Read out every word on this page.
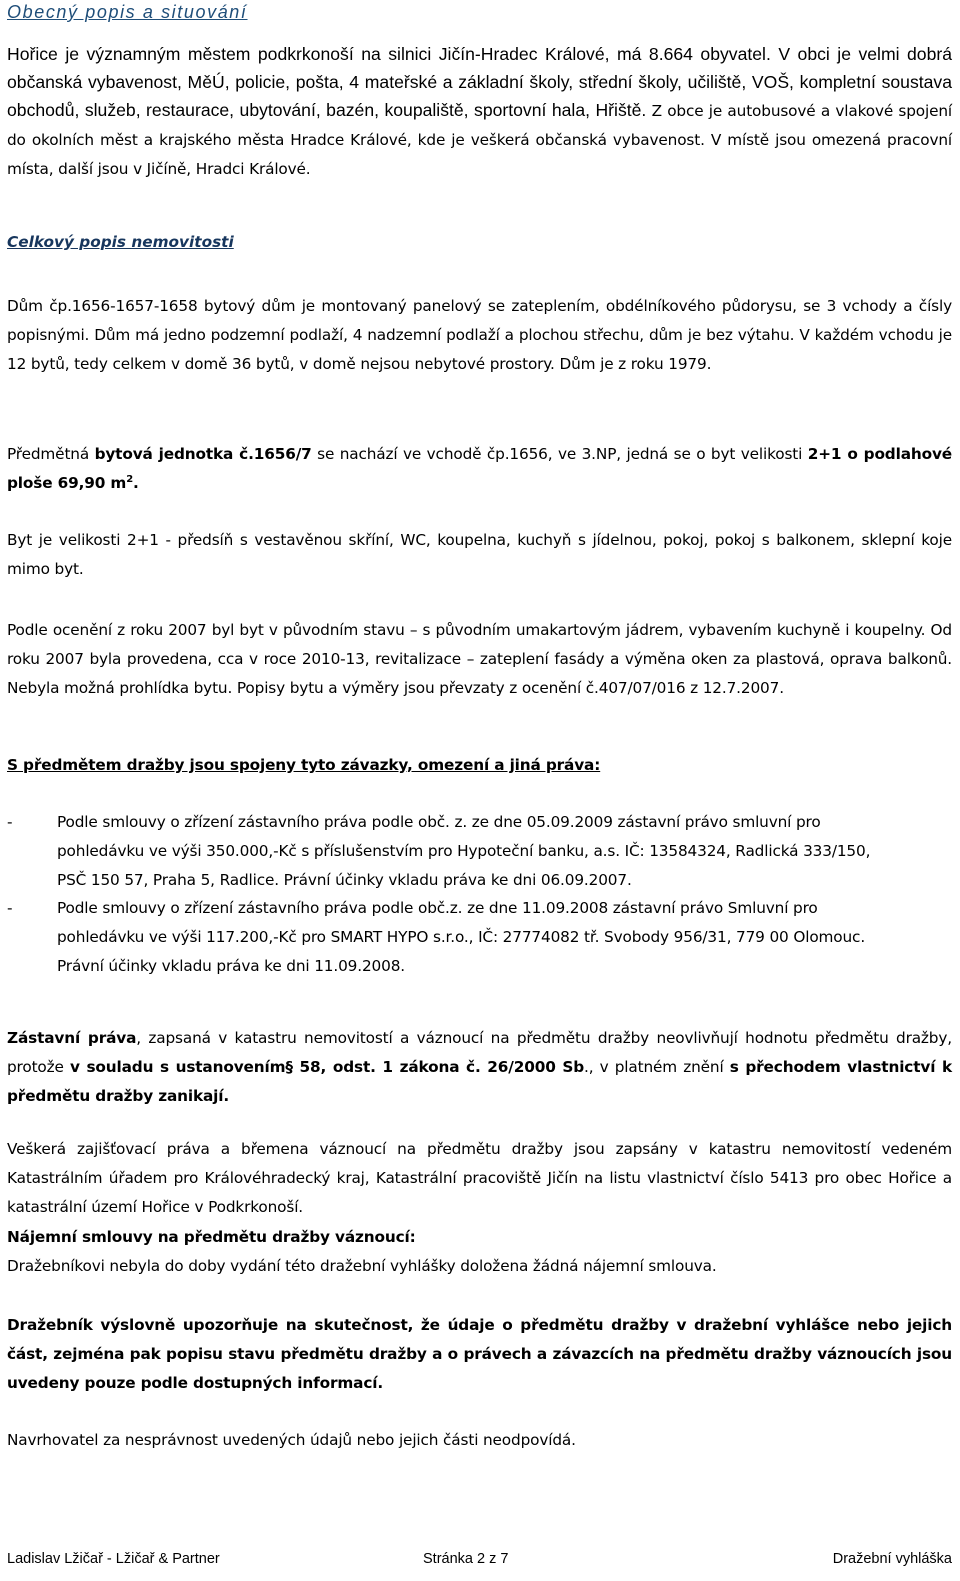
Obecný popis a situování
Hořice je významným městem podkrkonoší na silnici Jičín-Hradec Králové, má 8.664 obyvatel. V obci je velmi dobrá občanská vybavenost, MěÚ, policie, pošta, 4 mateřské a základní školy, střední školy, učiliště, VOŠ, kompletní soustava obchodů, služeb, restaurace, ubytování, bazén, koupaliště, sportovní hala, Hřiště. Z obce je autobusové a vlakové spojení do okolních měst a krajského města Hradce Králové, kde je veškerá občanská vybavenost. V místě jsou omezená pracovní místa, další jsou v Jičíně, Hradci Králové.
Celkový popis nemovitosti

Dům čp.1656-1657-1658 bytový dům je montovaný panelový se zateplením, obdélníkového půdorysu, se 3 vchody a čísly popisnými. Dům má jedno podzemní podlaží, 4 nadzemní podlaží a plochou střechu, dům je bez výtahu. V každém vchodu je 12 bytů, tedy celkem v domě 36 bytů, v domě nejsou nebytové prostory. Dům je z roku 1979.

Předmětná bytová jednotka č.1656/7 se nachází ve vchodě čp.1656, ve 3.NP, jedná se o byt velikosti 2+1 o podlahové ploše 69,90 $m^2$.

Byt je velikosti 2+1 - předsíň s vestavěnou skříní, WC, koupelna, kuchyň s jídelnou, pokoj, pokoj s balkonem, sklepní koje mimo byt.

Podle ocenění z roku 2007 byl byt v původním stavu – s původním umakartovým jádrem, vybavením kuchyně i koupelny. Od roku 2007 byla provedena, cca v roce 2010-13, revitalizace – zateplení fasády a výměna oken za plastová, oprava balkonů. Nebyla možná prohlídka bytu. Popisy bytu a výměry jsou převzaty z ocenění č.407/07/016 z 12.7.2007.

S předmětem dražby jsou spojeny tyto závazky, omezení a jiná práva:
-	Podle smlouvy o zřízení zástavního práva podle obč. z. ze dne 05.09.2009 zástavní právo smluvní pro pohledávku ve výši 350.000,-Kč s příslušenstvím pro Hypoteční banku, a.s. IČ: 13584324, Radlická 333/150, PSČ 150 57, Praha 5, Radlice. Právní účinky vkladu práva ke dni 06.09.2007.
-	Podle smlouvy o zřízení zástavního práva podle obč.z. ze dne 11.09.2008 zástavní právo Smluvní pro pohledávku ve výši 117.200,-Kč pro SMART HYPO s.r.o., IČ: 27774082 tř. Svobody 956/31, 779 00 Olomouc. Právní účinky vkladu práva ke dni 11.09.2008.

Zástavní práva, zapsaná v katastru nemovitostí a váznoucí na předmětu dražby neovlivňují hodnotu předmětu dražby, protože v souladu s ustanovením§ 58, odst. 1 zákona č. 26/2000 Sb., v platném znění s přechodem vlastnictví k předmětu dražby zanikají.

Veškerá zajišťovací práva a břemena váznoucí na předmětu dražby jsou zapsány v katastru nemovitostí vedeném Katastrálním úřadem pro Královéhradecký kraj, Katastrální pracoviště Jičín na listu vlastnictví číslo 5413 pro obec Hořice a katastrální území Hořice v Podkrkonoší.

Nájemní smlouvy na předmětu dražby váznoucí:

Dražebníkovi nebyla do doby vydání této dražební vyhlášky doložena žádná nájemní smlouva.

Dražebník výslovně upozorňuje na skutečnost, že údaje o předmětu dražby v dražební vyhlášce nebo jejich část, zejména pak popisu stavu předmětu dražby a o právech a závazcích na předmětu dražby váznoucích jsou uvedeny pouze podle dostupných informací.

Navrhovatel za nesprávnost uvedených údajů nebo jejich části neodpovídá.

Ladislav Lžičař - Lžičař & Partner	Stránka 2 z 7	Dražební vyhláška
